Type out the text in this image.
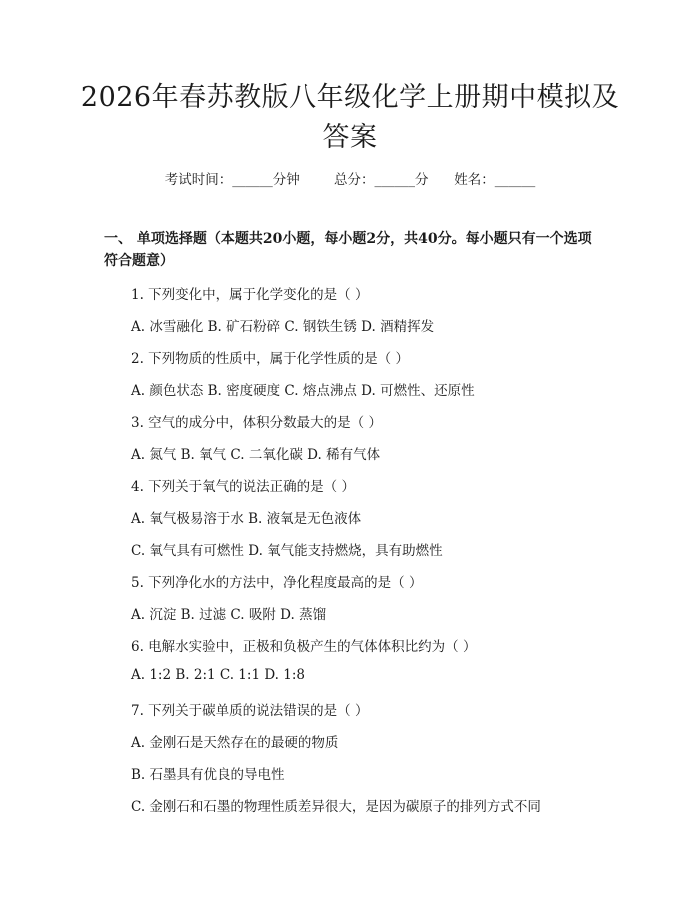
2026年春苏教版八年级化学上册期中模拟及
答案
考试时间：______分钟	总分：______分 姓名：______
一、 单项选择题（本题共20小题，每小题2分，共40分。每小题只有一个选项符合题意）
1. 下列变化中，属于化学变化的是（ ）
A. 冰雪融化 B. 矿石粉碎 C. 钢铁生锈 D. 酒精挥发
2. 下列物质的性质中，属于化学性质的是（ ）
A. 颜色状态 B. 密度硬度 C. 熔点沸点 D. 可燃性、还原性
3. 空气的成分中，体积分数最大的是（ ）
A. 氮气 B. 氧气 C. 二氧化碳 D. 稀有气体
4. 下列关于氧气的说法正确的是（ ）
A. 氧气极易溶于水 B. 液氧是无色液体
C. 氧气具有可燃性 D. 氧气能支持燃烧，具有助燃性
5. 下列净化水的方法中，净化程度最高的是（ ）
A. 沉淀 B. 过滤 C. 吸附 D. 蒸馏
6. 电解水实验中，正极和负极产生的气体体积比约为（ ）
A. 1:2 B. 2:1 C. 1:1 D. 1:8
7. 下列关于碳单质的说法错误的是（ ）
A. 金刚石是天然存在的最硬的物质
B. 石墨具有优良的导电性
C. 金刚石和石墨的物理性质差异很大，是因为碳原子的排列方式不同
